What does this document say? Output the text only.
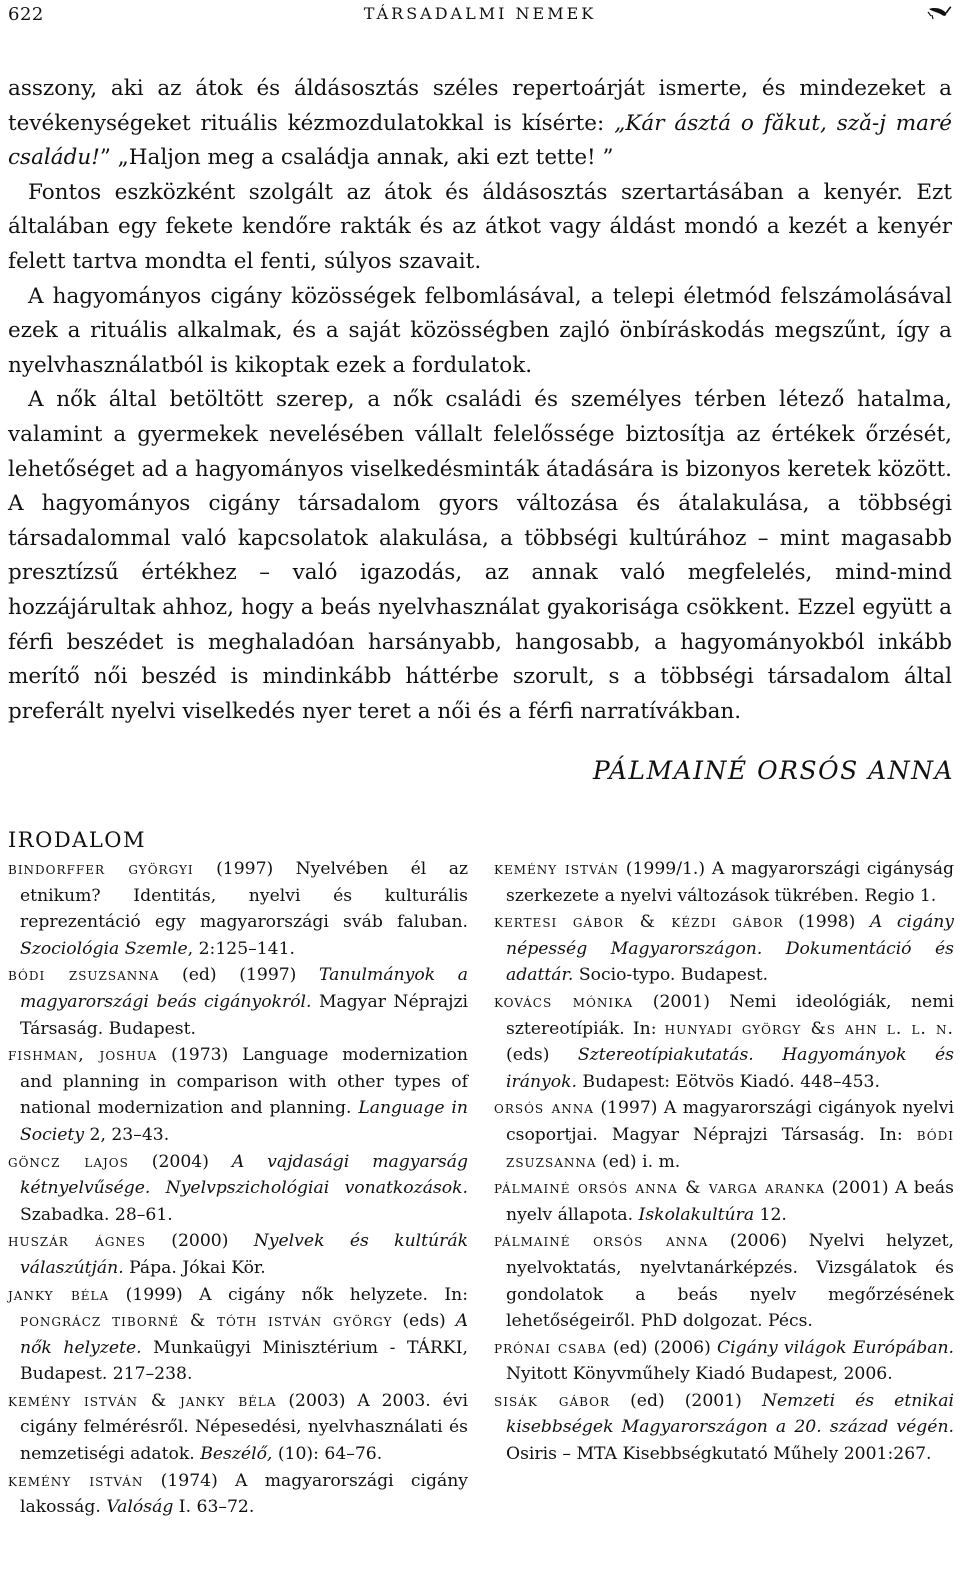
622	TÁRSADALMI NEMEK

asszony, aki az átok és áldásosztás széles repertoárját ismerte, és mindezeket a tevékenységeket rituális kézmozdulatokkal is kísérte: „Kár ásztá o fǎkut, szǎ-j maré családu!” „Haljon meg a családja annak, aki ezt tette! ”

Fontos eszközként szolgált az átok és áldásosztás szertartásában a kenyér. Ezt általában egy fekete kendőre rakták és az átkot vagy áldást mondó a kezét a kenyér felett tartva mondta el fenti, súlyos szavait.

A hagyományos cigány közösségek felbomlásával, a telepi életmód felszámolásával ezek a rituális alkalmak, és a saját közösségben zajló önbíráskodás megszűnt, így a nyelvhasználatból is kikoptak ezek a fordulatok.

A nők által betöltött szerep, a nők családi és személyes térben létező hatalma, valamint a gyermekek nevelésében vállalt felelőssége biztosítja az értékek őrzését, lehetőséget ad a hagyományos viselkedésminták átadására is bizonyos keretek között. A hagyományos cigány társadalom gyors változása és átalakulása, a többségi társadalommal való kapcsolatok alakulása, a többségi kultúrához – mint magasabb presztízsű értékhez – való igazodás, az annak való megfelelés, mind-mind hozzájárultak ahhoz, hogy a beás nyelvhasználat gyakorisága csökkent. Ezzel együtt a férfi beszédet is meghaladóan harsányabb, hangosabb, a hagyományokból inkább merítő női beszéd is mindinkább háttérbe szorult, s a többségi társadalom által preferált nyelvi viselkedés nyer teret a női és a férfi narratívákban.

PÁLMAINÉ ORSÓS ANNA
IRODALOM

bindorffer györgyi (1997) Nyelvében él az etnikum? Identitás, nyelvi és kulturális reprezentáció egy magyarországi sváb faluban. Szociológia Szemle, 2:125–141.

bódi zsuzsanna (ed) (1997) Tanulmányok a magyarországi beás cigányokról. Magyar Néprajzi Társaság. Budapest.

fishman, joshua (1973) Language modernization and planning in comparison with other types of national modernization and planning. Language in Society 2, 23–43.

göncz lajos (2004) A vajdasági magyarság kétnyelvűsége. Nyelvpszichológiai vonatkozások. Szabadka. 28–61.

huszár ágnes (2000) Nyelvek és kultúrák válaszútján. Pápa. Jókai Kör.

janky béla (1999) A cigány nők helyzete. In: pongrácz tiborné & tóth istván györgy (eds) A nők helyzete. Munkaügyi Minisztérium - TÁRKI, Budapest. 217–238.

kemény istván & janky béla (2003) A 2003. évi cigány felmérésről. Népesedési, nyelvhasználati és nemzetiségi adatok. Beszélő, (10): 64–76.

kemény istván (1974) A magyarországi cigány lakosság. Valóság I. 63–72.

kemény istván (1999/1.) A magyarországi cigányság szerkezete a nyelvi változások tükrében. Regio 1.

kertesi gábor & kézdi gábor (1998) A cigány népesség Magyarországon. Dokumentáció és adattár. Socio-typo. Budapest.

kovács mónika (2001) Nemi ideológiák, nemi sztereotípiák. In: hunyadi györgy &s ahn l. l. n. (eds) Sztereotípiakutatás. Hagyományok és irányok. Budapest: Eötvös Kiadó. 448–453.

orsós anna (1997) A magyarországi cigányok nyelvi csoportjai. Magyar Néprajzi Társaság. In: bódi zsuzsanna (ed) i. m.

pálmainé orsós anna & varga aranka (2001) A beás nyelv állapota. Iskolakultúra 12.

pálmainé orsós anna (2006) Nyelvi helyzet, nyelvoktatás, nyelvtanárképzés. Vizsgálatok és gondolatok a beás nyelv megőrzésének lehetőségeiről. PhD dolgozat. Pécs.

prónai csaba (ed) (2006) Cigány világok Európában. Nyitott Könyvműhely Kiadó Budapest, 2006.

sisák gábor (ed) (2001) Nemzeti és etnikai kisebbségek Magyarországon a 20. század végén. Osiris – MTA Kisebbségkutató Műhely 2001:267.
